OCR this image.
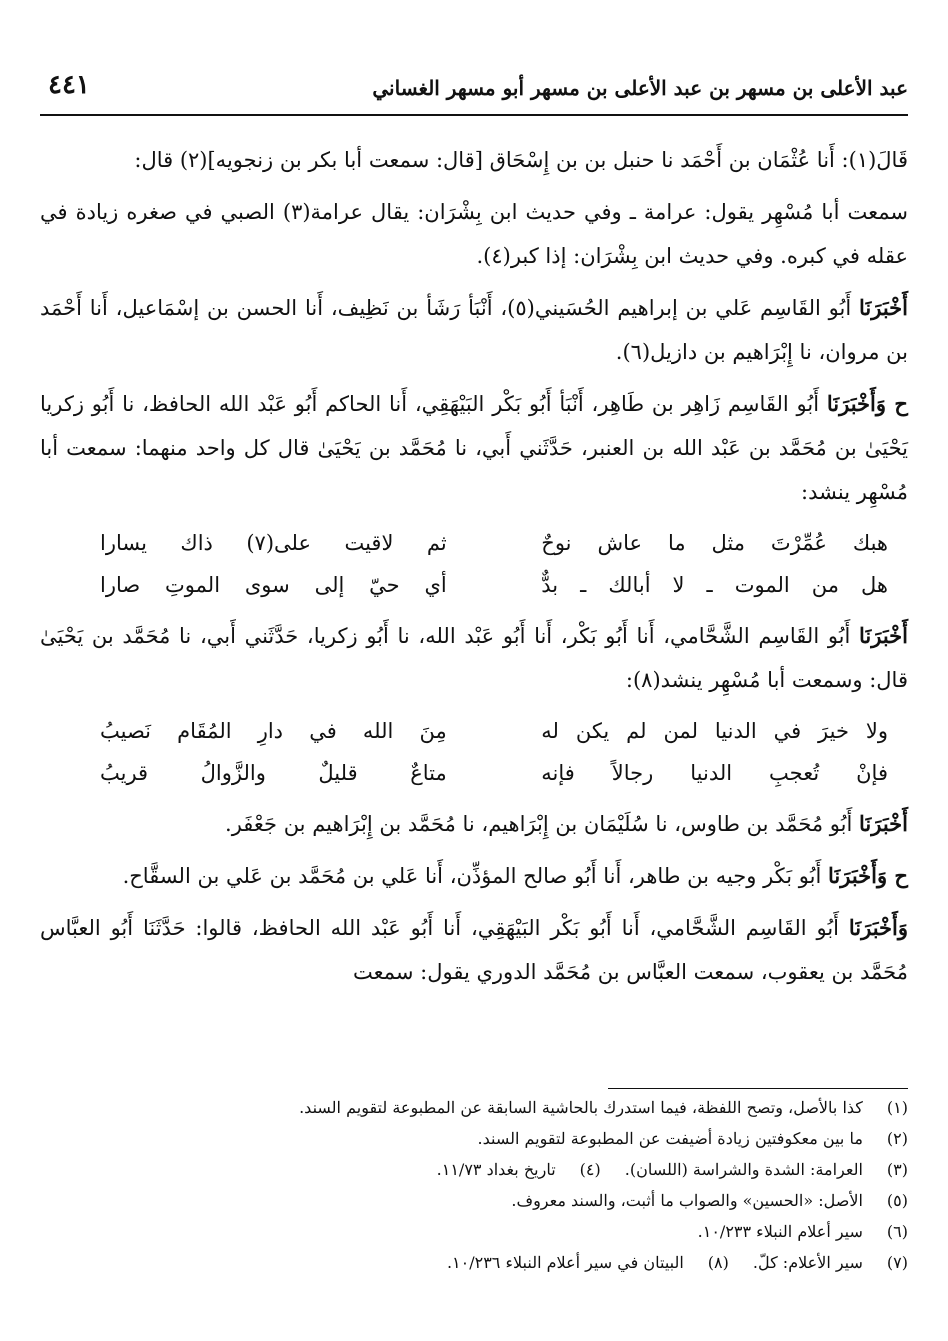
٤٤١	عبد الأعلى بن مسهر بن عبد الأعلى بن مسهر أبو مسهر الغساني

قَالَ(١): أَنا عُثْمَان بن أَحْمَد نا حنبل بن بن إِسْحَاق [قال: سمعت أبا بكر بن زنجويه](٢) قال:

سمعت أبا مُسْهِر يقول: عرامة ـ وفي حديث ابن بِشْرَان: يقال عرامة(٣) الصبي في صغره زيادة في عقله في كبره. وفي حديث ابن بِشْرَان: إذا كبر(٤).

أَخْبَرَنَا أَبُو القَاسِم عَلي بن إبراهيم الحُسَيني(٥)، أَنْبَأ رَشَأ بن نَظِيف، أَنا الحسن بن إسْمَاعيل، أَنا أَحْمَد بن مروان، نا إِبْرَاهيم بن دازيل(٦).

ح وَأَخْبَرَنَا أَبُو القَاسِم زَاهِر بن طَاهِر، أَنْبَأ أَبُو بَكْر البَيْهَقِي، أَنا الحاكم أَبُو عَبْد الله الحافظ، نا أَبُو زكريا يَحْيَىٰ بن مُحَمَّد بن عَبْد الله بن العنبر، حَدَّثَني أَبي، نا مُحَمَّد بن يَحْيَىٰ قال كل واحد منهما: سمعت أبا مُسْهِر ينشد:

هبك عُمِّرْتَ مثل ما عاش نوحٌ
ثم لاقيت على(٧) ذاك يسارا
هل من الموت ـ لا أبالك ـ بدٌّ
أي حيّ إلى سوى الموتِ صارا

أَخْبَرَنَا أَبُو القَاسِم الشَّحَّامي، أَنا أَبُو بَكْر، أَنا أَبُو عَبْد الله، نا أَبُو زكريا، حَدَّثَني أَبي، نا مُحَمَّد بن يَحْيَىٰ قال: وسمعت أبا مُسْهِر ينشد(٨):

ولا خيرَ في الدنيا لمن لم يكن له
مِنَ الله في دارِ المُقَام نَصيبُ
فإنْ تُعجبِ الدنيا رجالاً فإنه
متاعٌ قليلٌ والزَّوالُ قريبُ

أَخْبَرَنَا أَبُو مُحَمَّد بن طاوس، نا سُلَيْمَان بن إِبْرَاهيم، نا مُحَمَّد بن إِبْرَاهيم بن جَعْفَر.

ح وَأَخْبَرَنَا أَبُو بَكْر وجيه بن طاهر، أَنا أَبُو صالح المؤذِّن، أَنا عَلي بن مُحَمَّد بن عَلي بن السقَّاح.

وَأَخْبَرَنَا أَبُو القَاسِم الشَّحَّامي، أَنا أَبُو بَكْر البَيْهَقِي، أَنا أَبُو عَبْد الله الحافظ، قالوا: حَدَّثَنَا أَبُو العبَّاس مُحَمَّد بن يعقوب، سمعت العبَّاس بن مُحَمَّد الدوري يقول: سمعت

(١) كذا بالأصل، وتصح اللفظة، فيما استدرك بالحاشية السابقة عن المطبوعة لتقويم السند.
(٢) ما بين معكوفتين زيادة أضيفت عن المطبوعة لتقويم السند.
(٣) العرامة: الشدة والشراسة (اللسان).
(٤) تاريخ بغداد ١١/٧٣.
(٥) الأصل: «الحسين» والصواب ما أثبت، والسند معروف.
(٦) سير أعلام النبلاء ١٠/٢٣٣.
(٧) سير الأعلام: كلّ.
(٨) البيتان في سير أعلام النبلاء ١٠/٢٣٦.
